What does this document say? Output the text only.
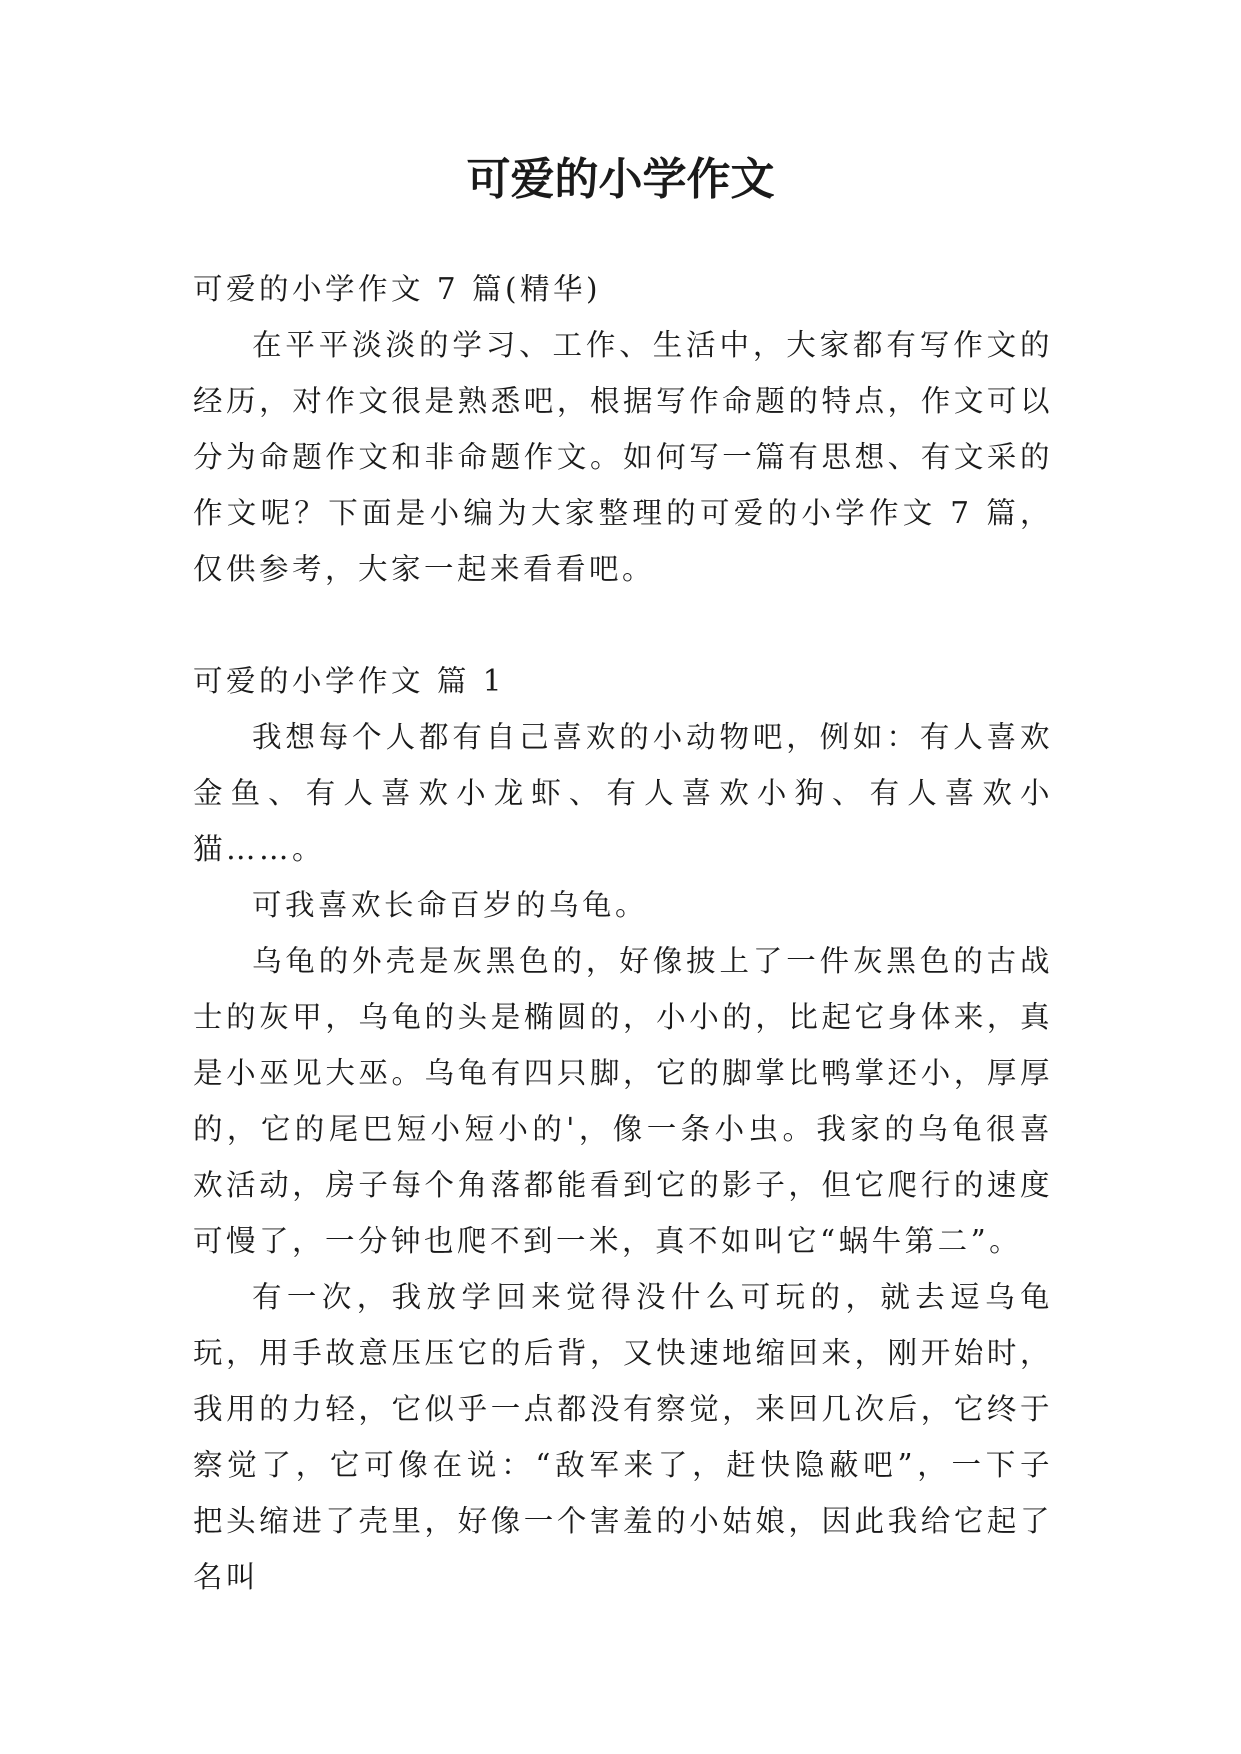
可爱的小学作文
可爱的小学作文 7 篇(精华)

在平平淡淡的学习、工作、生活中，大家都有写作文的经历，对作文很是熟悉吧，根据写作命题的特点，作文可以分为命题作文和非命题作文。如何写一篇有思想、有文采的作文呢？下面是小编为大家整理的可爱的小学作文 7 篇，仅供参考，大家一起来看看吧。

可爱的小学作文 篇 1

我想每个人都有自己喜欢的小动物吧，例如：有人喜欢金鱼、有人喜欢小龙虾、有人喜欢小狗、有人喜欢小猫……。

可我喜欢长命百岁的乌龟。

乌龟的外壳是灰黑色的，好像披上了一件灰黑色的古战士的灰甲，乌龟的头是椭圆的，小小的，比起它身体来，真是小巫见大巫。乌龟有四只脚，它的脚掌比鸭掌还小，厚厚的，它的尾巴短小短小的'，像一条小虫。我家的乌龟很喜欢活动，房子每个角落都能看到它的影子，但它爬行的速度可慢了，一分钟也爬不到一米，真不如叫它“蜗牛第二”。

有一次，我放学回来觉得没什么可玩的，就去逗乌龟玩，用手故意压压它的后背，又快速地缩回来，刚开始时，我用的力轻，它似乎一点都没有察觉，来回几次后，它终于察觉了，它可像在说：“敌军来了，赶快隐蔽吧”，一下子把头缩进了壳里，好像一个害羞的小姑娘，因此我给它起了名叫
